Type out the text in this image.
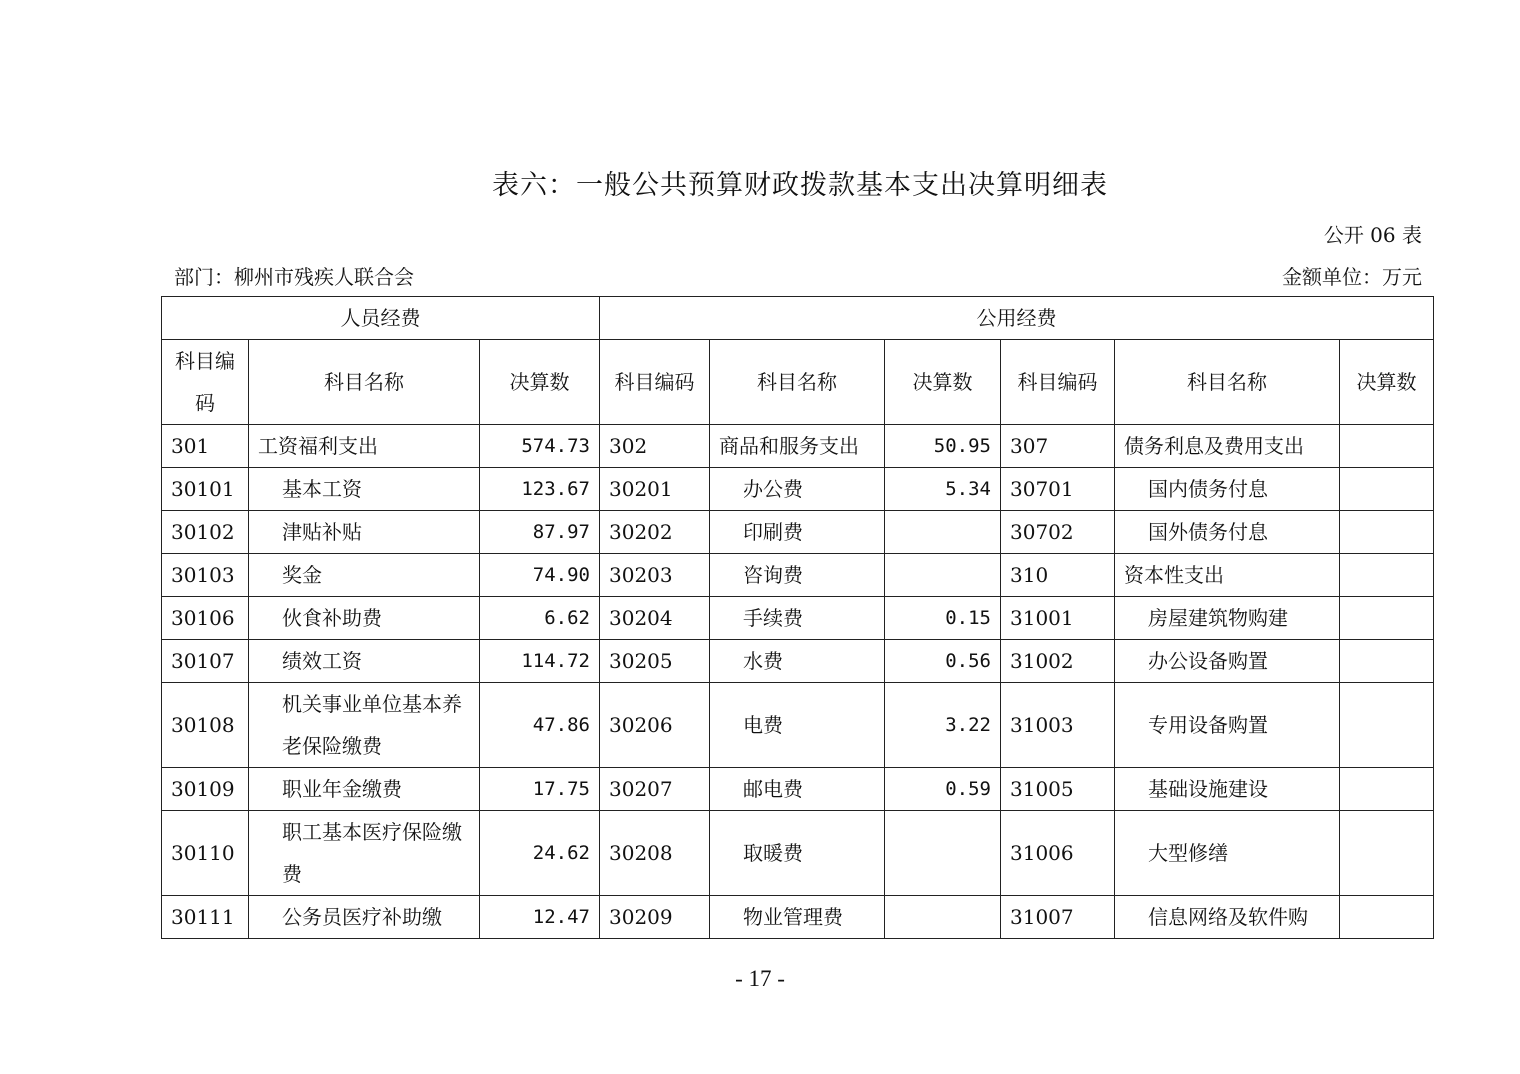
表六：一般公共预算财政拨款基本支出决算明细表
公开 06 表
部门：柳州市残疾人联合会	金额单位：万元
人员经费			公用经费					
科目编码	科目名称	决算数	科目编码	科目名称	决算数	科目编码	科目名称	决算数
301	工资福利支出	574.73	302	商品和服务支出	50.95	307	债务利息及费用支出	
30101	基本工资	123.67	30201	办公费	5.34	30701	国内债务付息	
30102	津贴补贴	87.97	30202	印刷费		30702	国外债务付息	
30103	奖金	74.90	30203	咨询费		310	资本性支出	
30106	伙食补助费	6.62	30204	手续费	0.15	31001	房屋建筑物购建	
30107	绩效工资	114.72	30205	水费	0.56	31002	办公设备购置	
30108	机关事业单位基本养老保险缴费	47.86	30206	电费	3.22	31003	专用设备购置	
30109	职业年金缴费	17.75	30207	邮电费	0.59	31005	基础设施建设	
30110	职工基本医疗保险缴费	24.62	30208	取暖费		31006	大型修缮	
30111	公务员医疗补助缴	12.47	30209	物业管理费		31007	信息网络及软件购	
- 17 -
